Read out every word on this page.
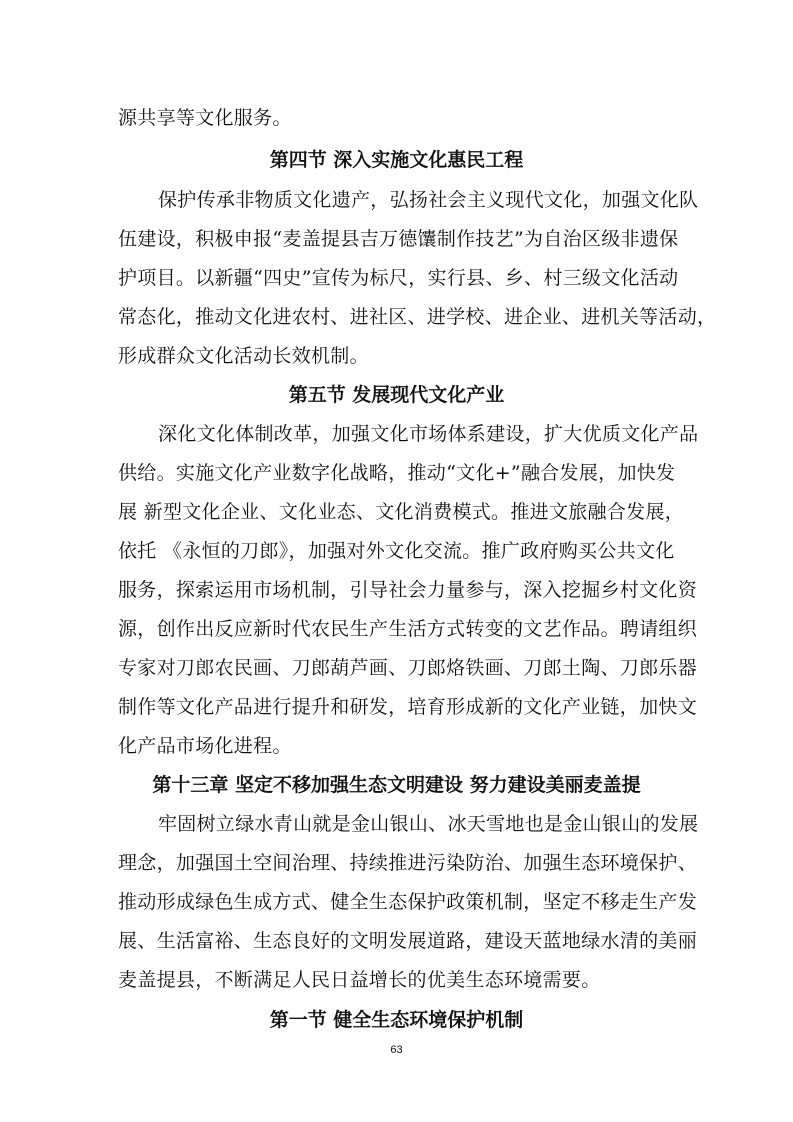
源共享等文化服务。
第四节 深入实施文化惠民工程
保护传承非物质文化遗产，弘扬社会主义现代文化，加强文化队
伍建设，积极申报“麦盖提县吉万德馕制作技艺”为自治区级非遗保
护项目。以新疆“四史”宣传为标尺，实行县、乡、村三级文化活动
常态化，推动文化进农村、进社区、进学校、进企业、进机关等活动，
形成群众文化活动长效机制。
第五节 发展现代文化产业
深化文化体制改革，加强文化市场体系建设，扩大优质文化产品
供给。实施文化产业数字化战略，推动“文化+”融合发展，加快发
展 新型文化企业、文化业态、文化消费模式。推进文旅融合发展，
依托 《永恒的刀郎》，加强对外文化交流。推广政府购买公共文化
服务，探索运用市场机制，引导社会力量参与，深入挖掘乡村文化资
源，创作出反应新时代农民生产生活方式转变的文艺作品。聘请组织
专家对刀郎农民画、刀郎葫芦画、刀郎烙铁画、刀郎土陶、刀郎乐器
制作等文化产品进行提升和研发，培育形成新的文化产业链，加快文
化产品市场化进程。
第十三章 坚定不移加强生态文明建设 努力建设美丽麦盖提
牢固树立绿水青山就是金山银山、冰天雪地也是金山银山的发展
理念，加强国土空间治理、持续推进污染防治、加强生态环境保护、
推动形成绿色生成方式、健全生态保护政策机制，坚定不移走生产发
展、生活富裕、生态良好的文明发展道路，建设天蓝地绿水清的美丽
麦盖提县，不断满足人民日益增长的优美生态环境需要。
第一节 健全生态环境保护机制
63
